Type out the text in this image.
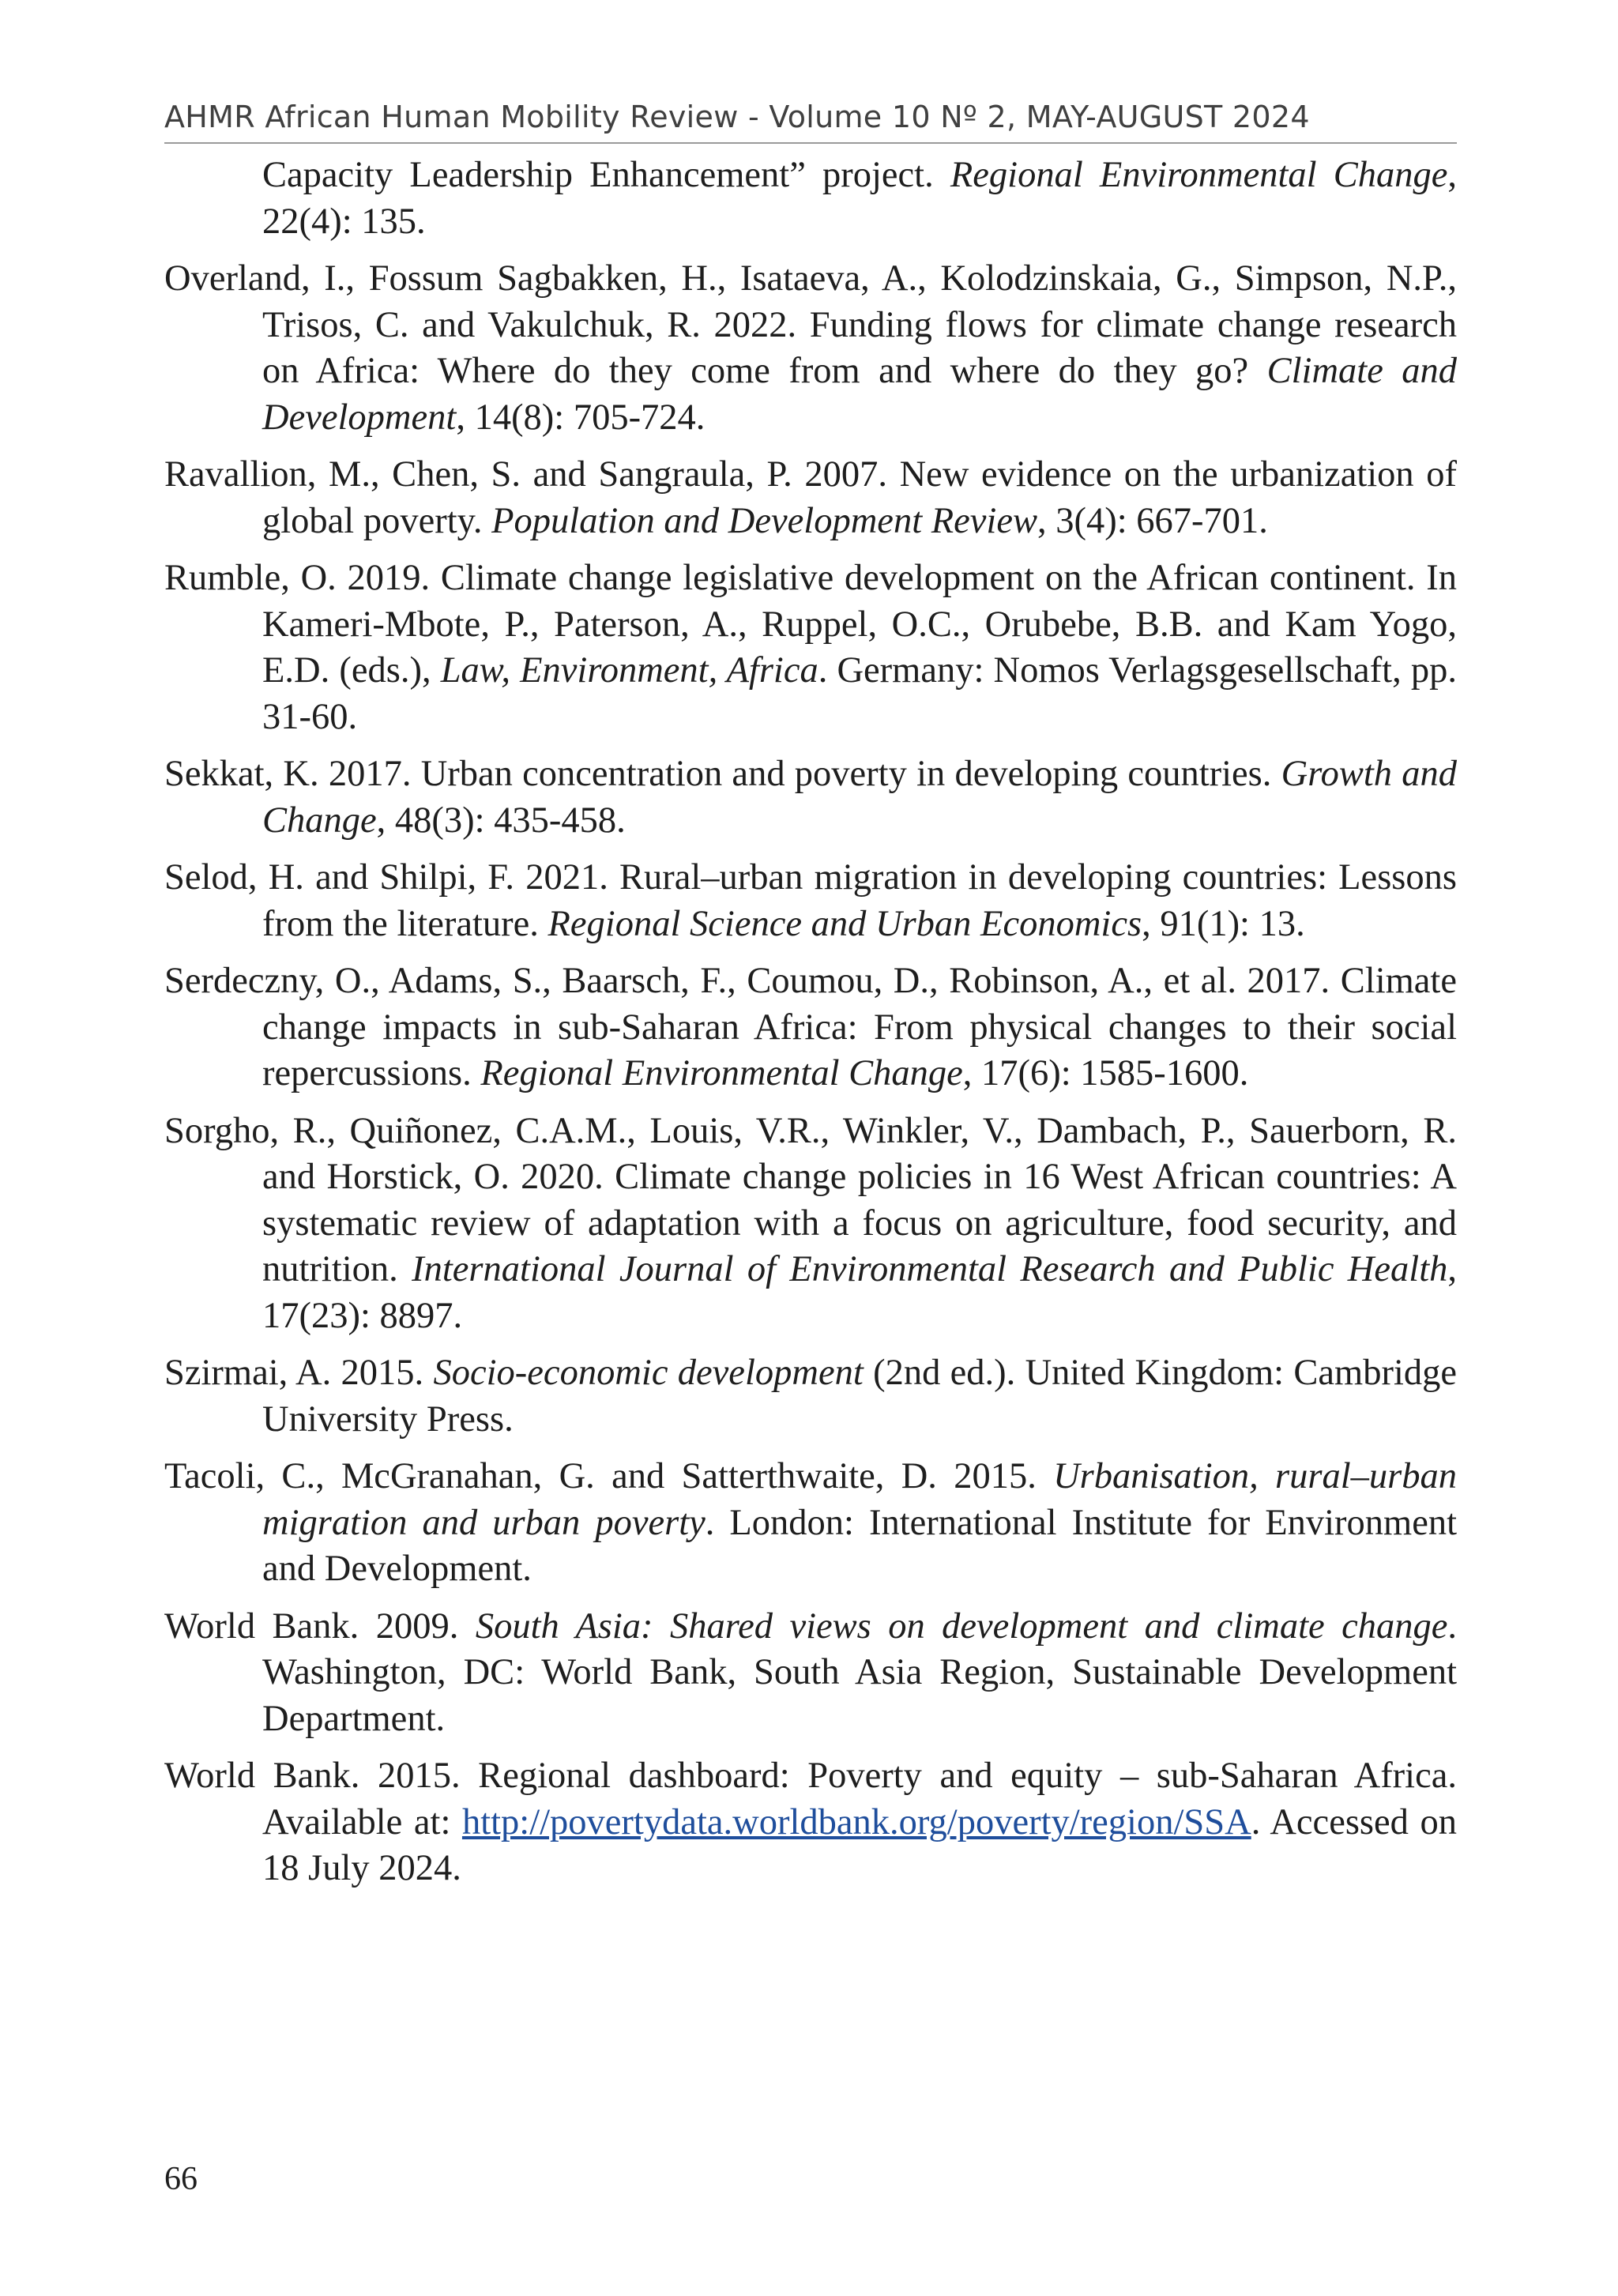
AHMR African Human Mobility Review - Volume 10 Nº 2, MAY-AUGUST 2024

Capacity Leadership Enhancement” project. Regional Environmental Change, 22(4): 135.

Overland, I., Fossum Sagbakken, H., Isataeva, A., Kolodzinskaia, G., Simpson, N.P., Trisos, C. and Vakulchuk, R. 2022. Funding flows for climate change research on Africa: Where do they come from and where do they go? Climate and Development, 14(8): 705-724.

Ravallion, M., Chen, S. and Sangraula, P. 2007. New evidence on the urbanization of global poverty. Population and Development Review, 3(4): 667-701.

Rumble, O. 2019. Climate change legislative development on the African continent. In Kameri-Mbote, P., Paterson, A., Ruppel, O.C., Orubebe, B.B. and Kam Yogo, E.D. (eds.), Law, Environment, Africa. Germany: Nomos Verlagsgesellschaft, pp. 31-60.

Sekkat, K. 2017. Urban concentration and poverty in developing countries. Growth and Change, 48(3): 435-458.

Selod, H. and Shilpi, F. 2021. Rural–urban migration in developing countries: Lessons from the literature. Regional Science and Urban Economics, 91(1): 13.

Serdeczny, O., Adams, S., Baarsch, F., Coumou, D., Robinson, A., et al. 2017. Climate change impacts in sub-Saharan Africa: From physical changes to their social repercussions. Regional Environmental Change, 17(6): 1585-1600.

Sorgho, R., Quiñonez, C.A.M., Louis, V.R., Winkler, V., Dambach, P., Sauerborn, R. and Horstick, O. 2020. Climate change policies in 16 West African countries: A systematic review of adaptation with a focus on agriculture, food security, and nutrition. International Journal of Environmental Research and Public Health, 17(23): 8897.

Szirmai, A. 2015. Socio-economic development (2nd ed.). United Kingdom: Cambridge University Press.

Tacoli, C., McGranahan, G. and Satterthwaite, D. 2015. Urbanisation, rural–urban migration and urban poverty. London: International Institute for Environment and Development.

World Bank. 2009. South Asia: Shared views on development and climate change. Washington, DC: World Bank, South Asia Region, Sustainable Development Department.

World Bank. 2015. Regional dashboard: Poverty and equity – sub-Saharan Africa. Available at: http://povertydata.worldbank.org/poverty/region/SSA. Accessed on 18 July 2024.

66
